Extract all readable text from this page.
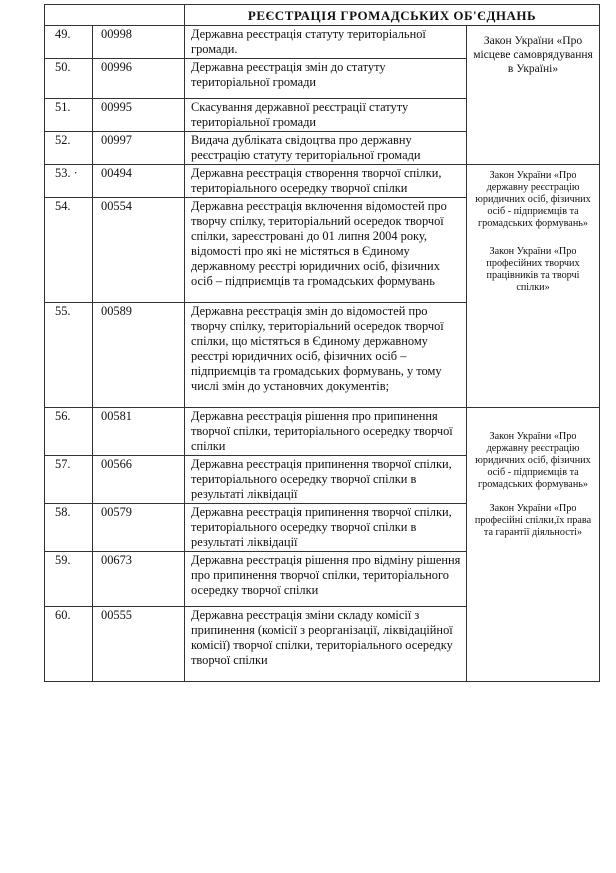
		РЕЄСТРАЦІЯ ГРОМАДСЬКИХ ОБ'ЄДНАНЬ	
49.	00998	Державна реєстрація статуту територіальної громади.	Закон України «Про місцеве самоврядування в Україні»
50.	00996	Державна реєстрація змін до статуту територіальної громади	

51.	00995	Скасування державної реєстрації статуту територіальної громади	
52.	00997	Видача дубліката свідоцтва про державну реєстрацію статуту територіальної громади	
53. ·	00494	Державна реєстрація створення творчої спілки, територіального осередку творчої спілки	Закон України «Про державну реєстрацію юридичних осіб, фізичних осіб - підприємців та громадських формувань»
Закон України «Про професійних творчих працівників та творчі спілки»

54.	00554	Державна реєстрація включення відомостей про творчу спілку, територіальний осередок творчої спілки, зареєстровані до 01 липня 2004 року, відомості про які не містяться в Єдиному державному реєстрі юридичних осіб, фізичних осіб – підприємців та громадських формувань	

55.	00589	Державна реєстрація змін до відомостей про творчу спілку, територіальний осередок творчої спілки, що містяться в Єдиному державному реєстрі юридичних осіб, фізичних осіб – підприємців та громадських формувань, у тому числі змін до установчих документів;	

56.	00581	Державна реєстрація рішення про припинення творчої спілки, територіального осередку творчої спілки	Закон України «Про державну реєстрацію юридичних осіб, фізичних осіб - підприємців та громадських формувань»
Закон України «Про професійні спілки,їх права та гарантії діяльності»

57.	00566	Державна реєстрація припинення творчої спілки, територіального осередку творчої спілки в результаті ліквідації	
58.	00579	Державна реєстрація припинення творчої спілки, територіального осередку творчої спілки в результаті ліквідації	
59.	00673	Державна реєстрація рішення про відміну рішення про припинення творчої спілки, територіального осередку творчої спілки	

60.	00555	Державна реєстрація зміни складу комісії з припинення (комісії з реорганізації, ліквідаційної комісії) творчої спілки, територіального осередку творчої спілки	
